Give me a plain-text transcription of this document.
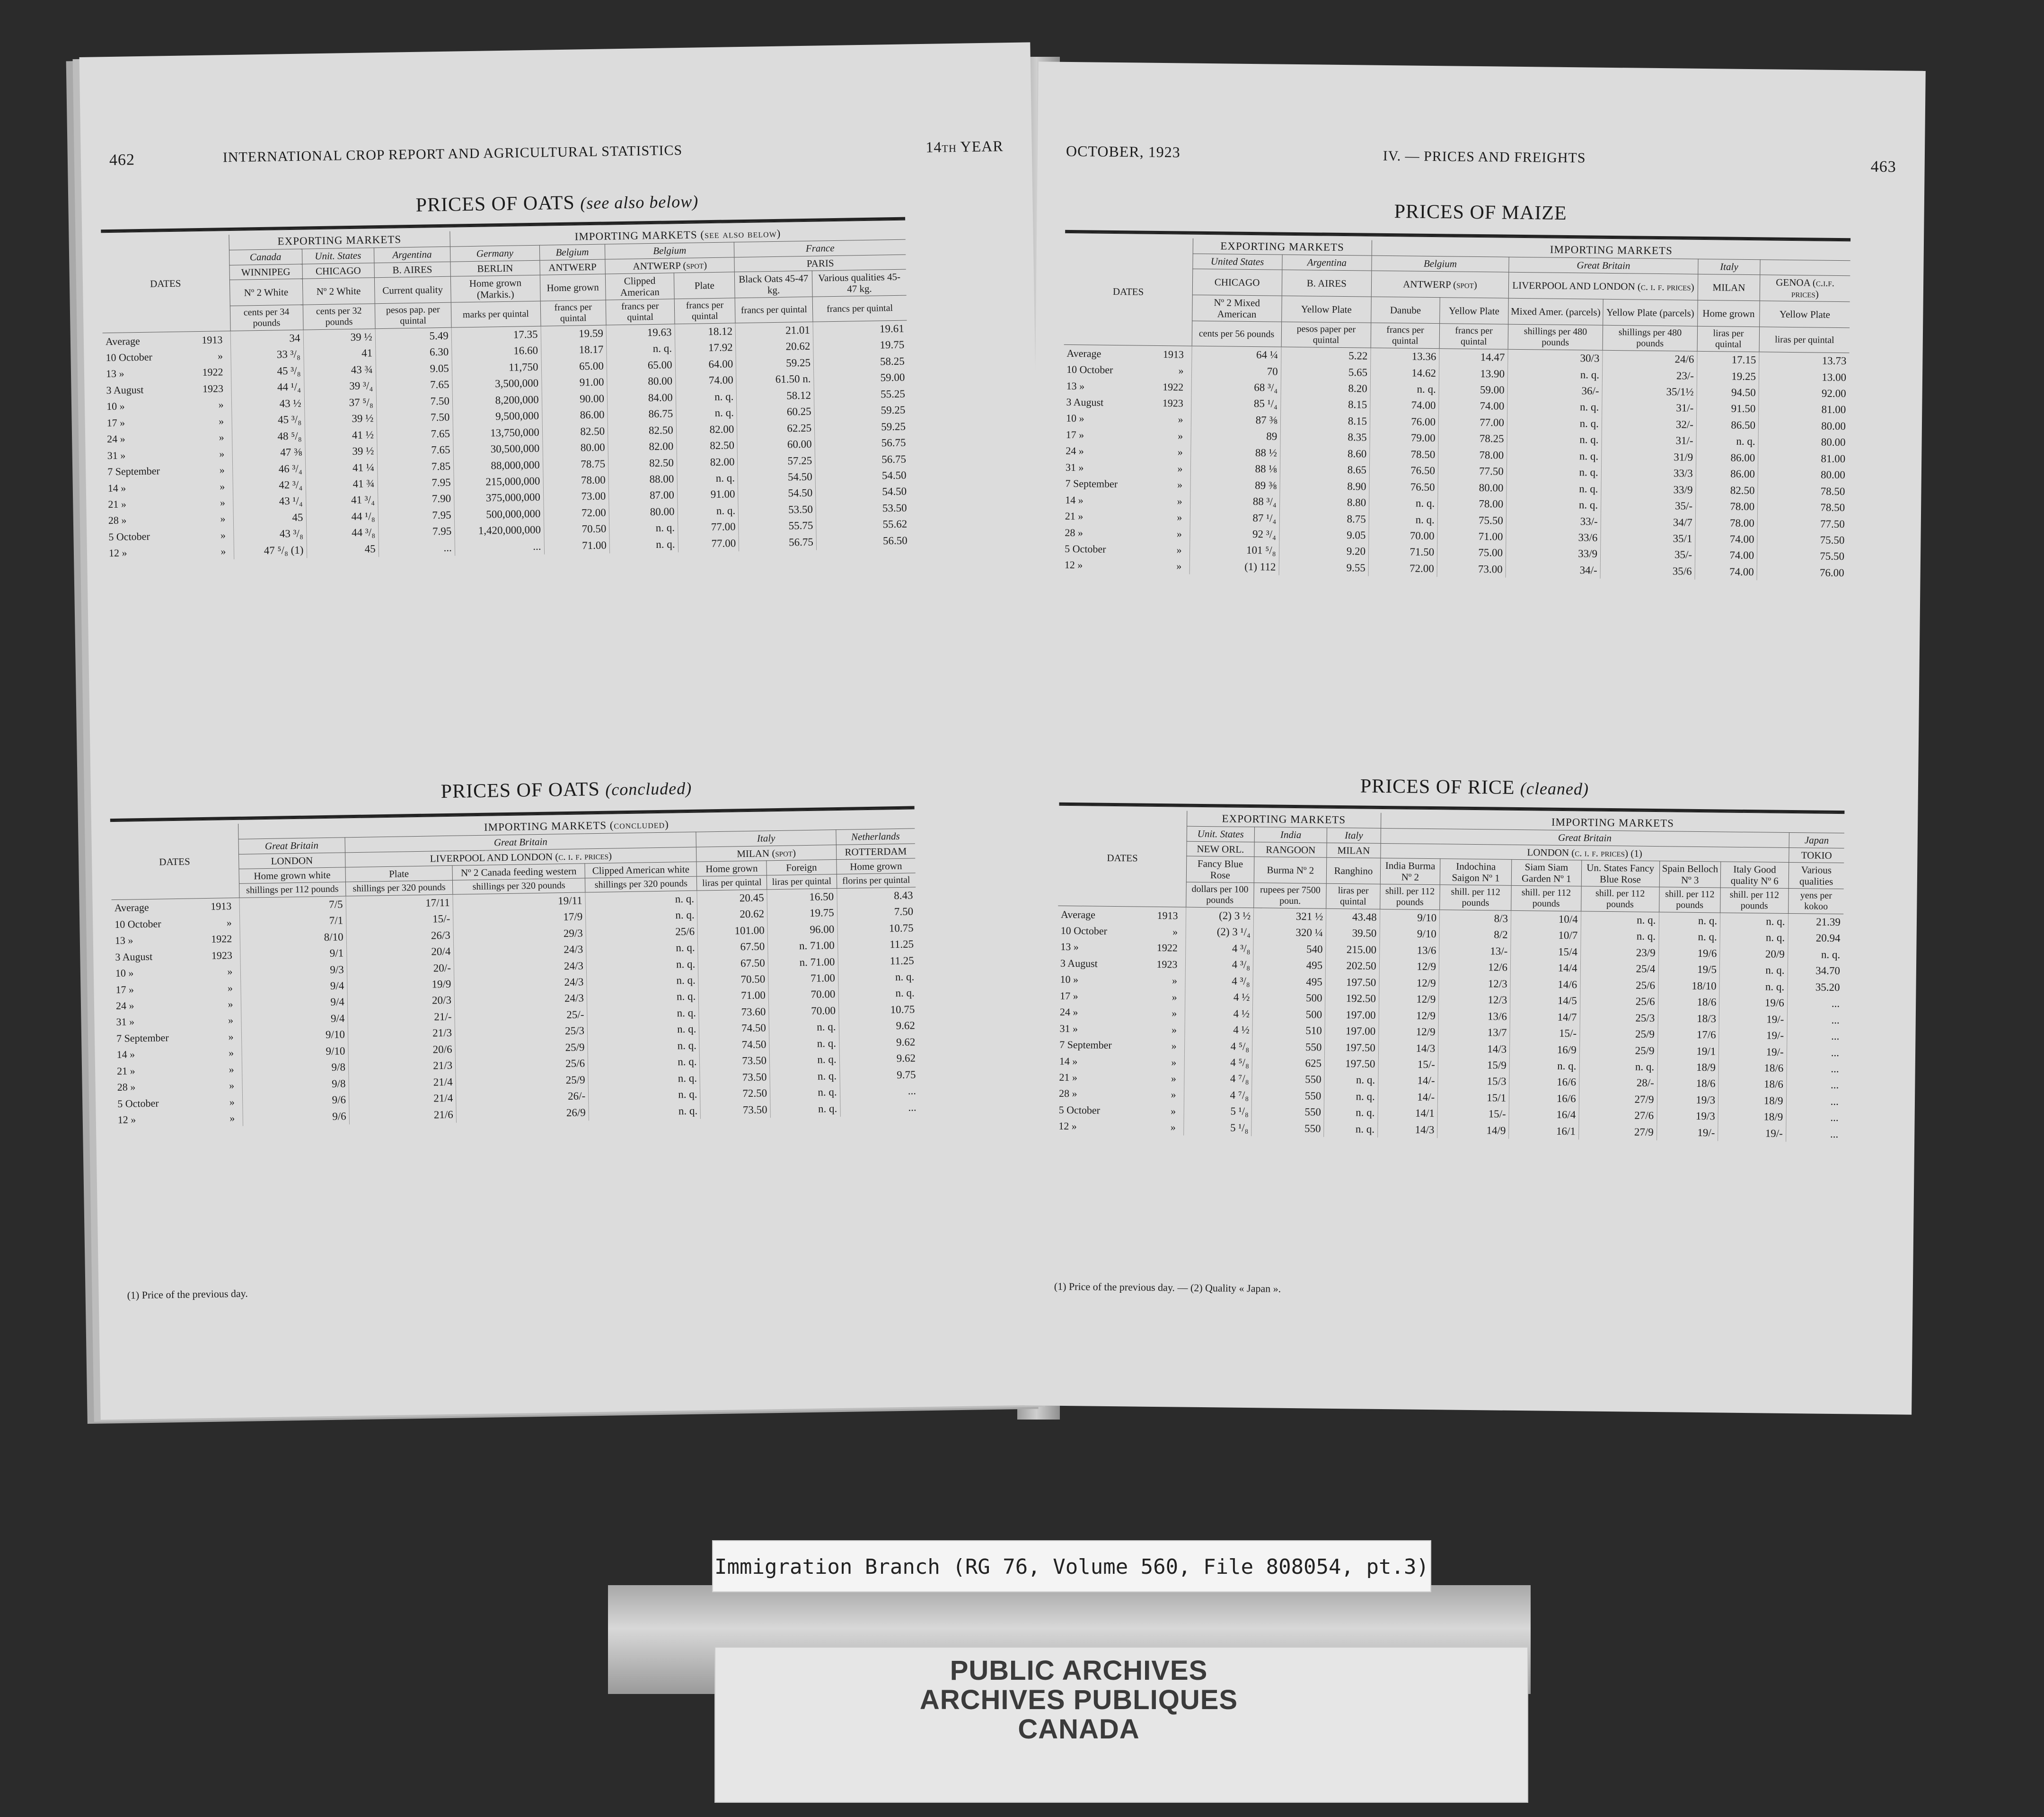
462	INTERNATIONAL CROP REPORT AND AGRICULTURAL STATISTICS	14th YEAR
PRICES OF OATS (see also below)
DATES	EXPORTING MARKETS			IMPORTING MARKETS (see also below)					
	Canada	Unit. States	Argentina	Germany	Belgium	Belgium		France	
	WINNIPEG	CHICAGO	B. AIRES	BERLIN	ANTWERP	ANTWERP (spot)		PARIS	
	Nº 2 White	Nº 2 White	Current quality	Home grown (Markis.)	Home grown	Clipped American	Plate	Black Oats 45-47 kg.	Various qualities 45-47 kg.
	cents per 34 pounds	cents per 32 pounds	pesos pap. per quintal	marks per quintal	francs per quintal	francs per quintal	francs per quintal	francs per quintal	francs per quintal
Average 1913	34	39 ½	5.49	17.35	19.59	19.63	18.12	21.01	19.61
10 October »	33 ³/₈	41	6.30	16.60	18.17	n. q.	17.92	20.62	19.75
13 » 1922	45 ³/₈	43 ¾	9.05	11,750	65.00	65.00	64.00	59.25	58.25
3 August 1923	44 ¹/₄	39 ³/₄	7.65	3,500,000	91.00	80.00	74.00	61.50 n.	59.00
10 » »	43 ½	37 ⁵/₈	7.50	8,200,000	90.00	84.00	n. q.	58.12	55.25
17 » »	45 ³/₈	39 ½	7.50	9,500,000	86.00	86.75	n. q.	60.25	59.25
24 » »	48 ⁵/₈	41 ½	7.65	13,750,000	82.50	82.50	82.00	62.25	59.25
31 » »	47 ⅜	39 ½	7.65	30,500,000	80.00	82.00	82.50	60.00	56.75
7 September »	46 ³/₄	41 ¼	7.85	88,000,000	78.75	82.50	82.00	57.25	56.75
14 » »	42 ³/₄	41 ¾	7.95	215,000,000	78.00	88.00	n. q.	54.50	54.50
21 » »	43 ¹/₄	41 ³/₄	7.90	375,000,000	73.00	87.00	91.00	54.50	54.50
28 » »	45	44 ¹/₈	7.95	500,000,000	72.00	80.00	n. q.	53.50	53.50
5 October »	43 ³/₈	44 ³/₈	7.95	1,420,000,000	70.50	n. q.	77.00	55.75	55.62
12 » »	47 ⁵/₈ (1)	45	...	...	71.00	n. q.	77.00	56.75	56.50
PRICES OF OATS (concluded)
DATES	IMPORTING MARKETS (concluded)						
	Great Britain	Great Britain			Italy		Netherlands
	LONDON	LIVERPOOL AND LONDON (c. i. f. prices)			MILAN (spot)		ROTTERDAM
	Home grown white	Plate	Nº 2 Canada feeding western	Clipped American white	Home grown	Foreign	Home grown
	shillings per 112 pounds	shillings per 320 pounds	shillings per 320 pounds	shillings per 320 pounds	liras per quintal	liras per quintal	florins per quintal
Average 1913	7/5	17/11	19/11	n. q.	20.45	16.50	8.43
10 October »	7/1	15/-	17/9	n. q.	20.62	19.75	7.50
13 » 1922	8/10	26/3	29/3	25/6	101.00	96.00	10.75
3 August 1923	9/1	20/4	24/3	n. q.	67.50	n. 71.00	11.25
10 » »	9/3	20/-	24/3	n. q.	67.50	n. 71.00	11.25
17 » »	9/4	19/9	24/3	n. q.	70.50	71.00	n. q.
24 » »	9/4	20/3	24/3	n. q.	71.00	70.00	n. q.
31 » »	9/4	21/-	25/-	n. q.	73.60	70.00	10.75
7 September »	9/10	21/3	25/3	n. q.	74.50	n. q.	9.62
14 » »	9/10	20/6	25/9	n. q.	74.50	n. q.	9.62
21 » »	9/8	21/3	25/6	n. q.	73.50	n. q.	9.62
28 » »	9/8	21/4	25/9	n. q.	73.50	n. q.	9.75
5 October »	9/6	21/4	26/-	n. q.	72.50	n. q.	...
12 » »	9/6	21/6	26/9	n. q.	73.50	n. q.	...
(1) Price of the previous day.
OCTOBER, 1923	IV. — PRICES AND FREIGHTS
463
PRICES OF MAIZE
DATES	EXPORTING MARKETS		IMPORTING MARKETS					
	United States	Argentina	Belgium		Great Britain		Italy	
	CHICAGO	B. AIRES	ANTWERP (spot)		LIVERPOOL AND LONDON (c. i. f. prices)		MILAN	GENOA (c.i.f. prices)
	Nº 2 Mixed American	Yellow Plate	Danube	Yellow Plate	Mixed Amer. (parcels)	Yellow Plate (parcels)	Home grown	Yellow Plate
	cents per 56 pounds	pesos paper per quintal	francs per quintal	francs per quintal	shillings per 480 pounds	shillings per 480 pounds	liras per quintal	liras per quintal
Average 1913	64 ¼	5.22	13.36	14.47	30/3	24/6	17.15	13.73
10 October »	70	5.65	14.62	13.90	n. q.	23/-	19.25	13.00
13 » 1922	68 ³/₄	8.20	n. q.	59.00	36/-	35/1½	94.50	92.00
3 August 1923	85 ¹/₄	8.15	74.00	74.00	n. q.	31/-	91.50	81.00
10 » »	87 ⅜	8.15	76.00	77.00	n. q.	32/-	86.50	80.00
17 » »	89	8.35	79.00	78.25	n. q.	31/-	n. q.	80.00
24 » »	88 ½	8.60	78.50	78.00	n. q.	31/9	86.00	81.00
31 » »	88 ⅛	8.65	76.50	77.50	n. q.	33/3	86.00	80.00
7 September »	89 ⅜	8.90	76.50	80.00	n. q.	33/9	82.50	78.50
14 » »	88 ³/₄	8.80	n. q.	78.00	n. q.	35/-	78.00	78.50
21 » »	87 ¹/₄	8.75	n. q.	75.50	33/-	34/7	78.00	77.50
28 » »	92 ³/₄	9.05	70.00	71.00	33/6	35/1	74.00	75.50
5 October »	101 ⁵/₈	9.20	71.50	75.00	33/9	35/-	74.00	75.50
12 » »	(1) 112	9.55	72.00	73.00	34/-	35/6	74.00	76.00
PRICES OF RICE (cleaned)
DATES	EXPORTING MARKETS			IMPORTING MARKETS						
	Unit. States	India	Italy	Great Britain						Japan
	NEW ORL.	RANGOON	MILAN	LONDON (c. i. f. prices) (1)						TOKIO
	Fancy Blue Rose	Burma Nº 2	Ranghino	India Burma Nº 2	Indochina Saigon Nº 1	Siam Siam Garden Nº 1	Un. States Fancy Blue Rose	Spain Belloch Nº 3	Italy Good quality Nº 6	Various qualities
	dollars per 100 pounds	rupees per 7500 poun.	liras per quintal	shill. per 112 pounds	shill. per 112 pounds	shill. per 112 pounds	shill. per 112 pounds	shill. per 112 pounds	shill. per 112 pounds	yens per kokoo
Average 1913	(2) 3 ½	321 ½	43.48	9/10	8/3	10/4	n. q.	n. q.	n. q.	21.39
10 October »	(2) 3 ¹/₄	320 ¼	39.50	9/10	8/2	10/7	n. q.	n. q.	n. q.	20.94
13 » 1922	4 ³/₈	540	215.00	13/6	13/-	15/4	23/9	19/6	20/9	n. q.
3 August 1923	4 ³/₈	495	202.50	12/9	12/6	14/4	25/4	19/5	n. q.	34.70
10 » »	4 ³/₈	495	197.50	12/9	12/3	14/6	25/6	18/10	n. q.	35.20
17 » »	4 ½	500	192.50	12/9	12/3	14/5	25/6	18/6	19/6	...
24 » »	4 ½	500	197.00	12/9	13/6	14/7	25/3	18/3	19/-	...
31 » »	4 ½	510	197.00	12/9	13/7	15/-	25/9	17/6	19/-	...
7 September »	4 ⁵/₈	550	197.50	14/3	14/3	16/9	25/9	19/1	19/-	...
14 » »	4 ⁵/₈	625	197.50	15/-	15/9	n. q.	n. q.	18/9	18/6	...
21 » »	4 ⁷/₈	550	n. q.	14/-	15/3	16/6	28/-	18/6	18/6	...
28 » »	4 ⁷/₈	550	n. q.	14/-	15/1	16/6	27/9	19/3	18/9	...
5 October »	5 ¹/₈	550	n. q.	14/1	15/-	16/4	27/6	19/3	18/9	...
12 » »	5 ¹/₈	550	n. q.	14/3	14/9	16/1	27/9	19/-	19/-	...
(1) Price of the previous day. — (2) Quality « Japan ».
Immigration Branch (RG 76, Volume 560, File 808054, pt.3)
PUBLIC ARCHIVES
ARCHIVES PUBLIQUES
CANADA
